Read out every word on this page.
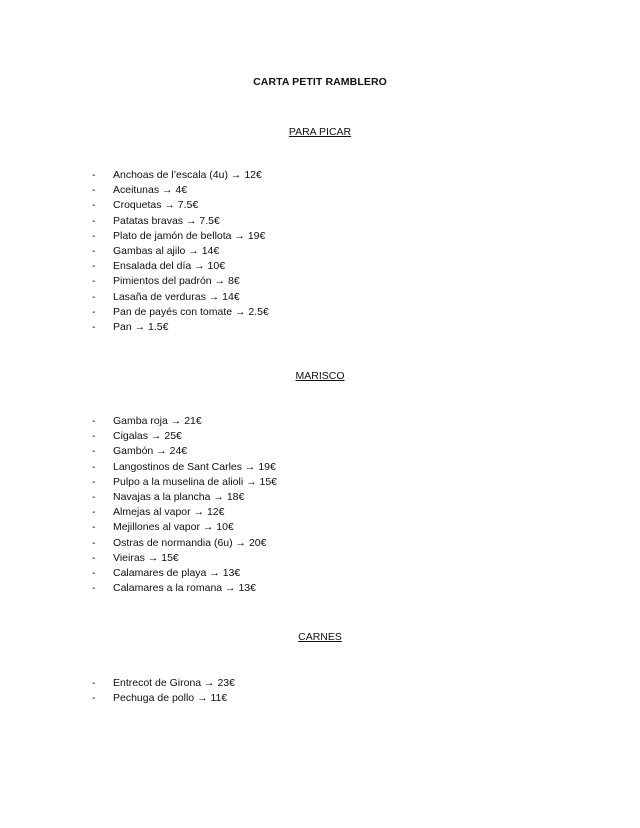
CARTA PETIT RAMBLERO
PARA PICAR
- Anchoas de l’escala (4u) → 12€
- Aceitunas → 4€
- Croquetas → 7.5€
- Patatas bravas → 7.5€
- Plato de jamón de bellota → 19€
- Gambas al ajilo → 14€
- Ensalada del día → 10€
- Pimientos del padrón → 8€
- Lasaña de verduras → 14€
- Pan de payés con tomate → 2.5€
- Pan → 1.5€
MARISCO
- Gamba roja → 21€
- Cigalas → 25€
- Gambón → 24€
- Langostinos de Sant Carles → 19€
- Pulpo a la muselina de alioli → 15€
- Navajas a la plancha → 18€
- Almejas al vapor → 12€
- Mejillones al vapor → 10€
- Ostras de normandia (6u) → 20€
- Vieiras → 15€
- Calamares de playa → 13€
- Calamares a la romana → 13€
CARNES
- Entrecot de Girona → 23€
- Pechuga de pollo → 11€
